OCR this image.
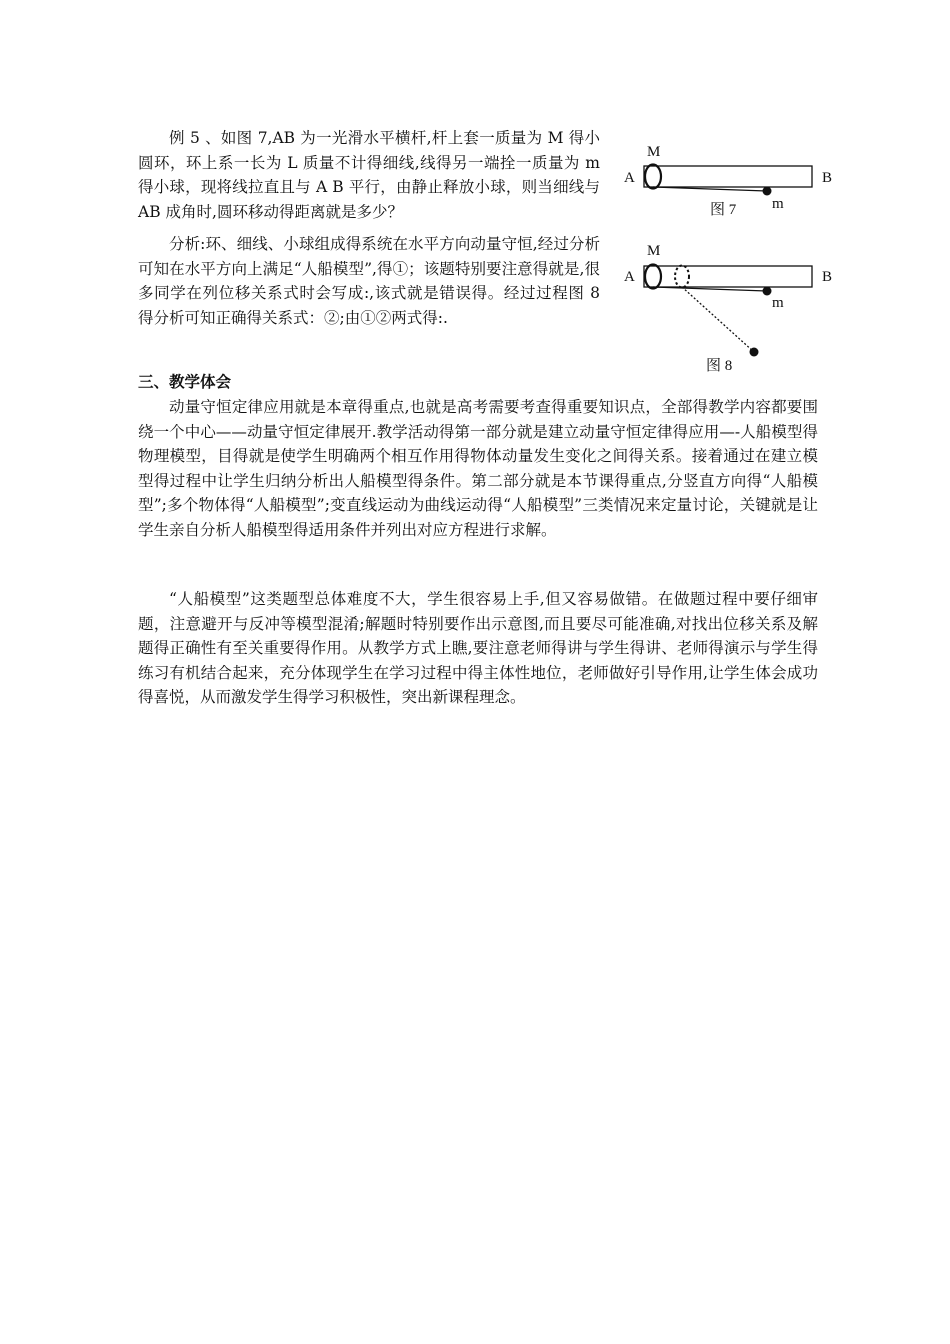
例 5 、如图 7,AB 为一光滑水平横杆,杆上套一质量为 M 得小圆环，环上系一长为 L 质量不计得细线,线得另一端拴一质量为 m 得小球，现将线拉直且与 A B 平行，由静止释放小球，则当细线与 AB 成角时,圆环移动得距离就是多少？

分析:环、细线、小球组成得系统在水平方向动量守恒,经过分析可知在水平方向上满足“人船模型”,得①；该题特别要注意得就是,很多同学在列位移关系式时会写成:,该式就是错误得。经过过程图 8 得分析可知正确得关系式：②;由①②两式得:.

M
A	B
m
图 7
M
A	B
m
图 8
三、教学体会

动量守恒定律应用就是本章得重点,也就是高考需要考查得重要知识点，全部得教学内容都要围绕一个中心——动量守恒定律展开.教学活动得第一部分就是建立动量守恒定律得应用—-人船模型得物理模型，目得就是使学生明确两个相互作用得物体动量发生变化之间得关系。接着通过在建立模型得过程中让学生归纳分析出人船模型得条件。第二部分就是本节课得重点,分竖直方向得“人船模型”;多个物体得“人船模型”;变直线运动为曲线运动得“人船模型”三类情况来定量讨论，关键就是让学生亲自分析人船模型得适用条件并列出对应方程进行求解。

“人船模型”这类题型总体难度不大，学生很容易上手,但又容易做错。在做题过程中要仔细审题，注意避开与反冲等模型混淆;解题时特别要作出示意图,而且要尽可能准确,对找出位移关系及解题得正确性有至关重要得作用。从教学方式上瞧,要注意老师得讲与学生得讲、老师得演示与学生得练习有机结合起来，充分体现学生在学习过程中得主体性地位，老师做好引导作用,让学生体会成功得喜悦，从而激发学生得学习积极性，突出新课程理念。
